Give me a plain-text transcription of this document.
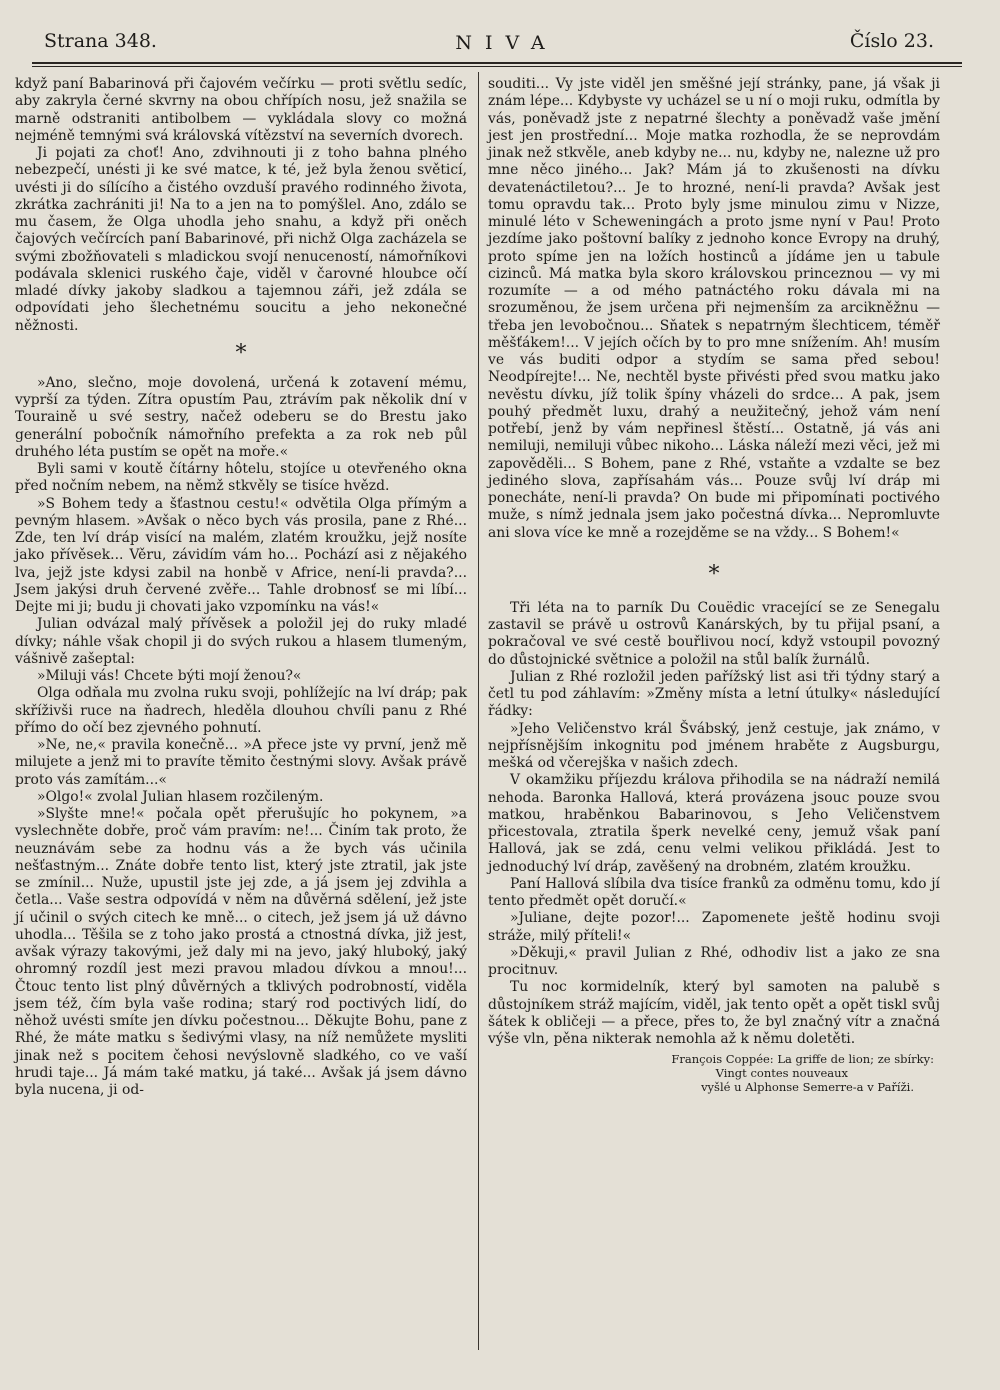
Strana 348.	NIVA	Číslo 23.

když paní Babarinová při čajovém večírku — proti světlu sedíc, aby zakryla černé skvrny na obou chřípích nosu, jež snažila se marně odstraniti antibolbem — vykládala slovy co možná nejméně temnými svá královská vítězství na severních dvorech.

Ji pojati za choť! Ano, zdvihnouti ji z toho bahna plného nebezpečí, unésti ji ke své matce, k té, jež byla ženou světicí, uvésti ji do sílícího a čistého ovzduší pravého rodinného života, zkrátka zachrániti ji! Na to a jen na to pomýšlel. Ano, zdálo se mu časem, že Olga uhodla jeho snahu, a když při oněch čajových večírcích paní Babarinové, při nichž Olga zacházela se svými zbožňovateli s mladickou svojí nenuceností, námořníkovi podávala sklenici ruského čaje, viděl v čarovné hloubce očí mladé dívky jakoby sladkou a tajemnou záři, jež zdála se odpovídati jeho šlechetnému soucitu a jeho nekonečné něžnosti.

*

»Ano, slečno, moje dovolená, určená k zotavení mému, vyprší za týden. Zítra opustím Pau, ztrávím pak několik dní v Touraině u své sestry, načež odeberu se do Brestu jako generální pobočník námořního prefekta a za rok neb půl druhého léta pustím se opět na moře.«

Byli sami v koutě čítárny hôtelu, stojíce u otevřeného okna před nočním nebem, na němž stkvěly se tisíce hvězd.

»S Bohem tedy a šťastnou cestu!« odvětila Olga přímým a pevným hlasem. »Avšak o něco bych vás prosila, pane z Rhé... Zde, ten lví dráp visící na malém, zlatém kroužku, jejž nosíte jako přívěsek... Věru, závidím vám ho... Pochází asi z nějakého lva, jejž jste kdysi zabil na honbě v Africe, není-li pravda?... Jsem jakýsi druh červené zvěře... Tahle drobnosť se mi líbí... Dejte mi ji; budu ji chovati jako vzpomínku na vás!«

Julian odvázal malý přívěsek a položil jej do ruky mladé dívky; náhle však chopil ji do svých rukou a hlasem tlumeným, vášnivě zašeptal:

»Miluji vás! Chcete býti mojí ženou?«

Olga odňala mu zvolna ruku svoji, pohlížejíc na lví dráp; pak skříživši ruce na ňadrech, hleděla dlouhou chvíli panu z Rhé přímo do očí bez zjevného pohnutí.

»Ne, ne,« pravila konečně... »A přece jste vy první, jenž mě milujete a jenž mi to pravíte těmito čestnými slovy. Avšak právě proto vás zamítám...«

»Olgo!« zvolal Julian hlasem rozčileným.

»Slyšte mne!« počala opět přerušujíc ho pokynem, »a vyslechněte dobře, proč vám pravím: ne!... Činím tak proto, že neuznávám sebe za hodnu vás a že bych vás učinila nešťastným... Znáte dobře tento list, který jste ztratil, jak jste se zmínil... Nuže, upustil jste jej zde, a já jsem jej zdvihla a četla... Vaše sestra odpovídá v něm na důvěrná sdělení, jež jste jí učinil o svých citech ke mně... o citech, jež jsem já už dávno uhodla... Těšila se z toho jako prostá a ctnostná dívka, již jest, avšak výrazy takovými, jež daly mi na jevo, jaký hluboký, jaký ohromný rozdíl jest mezi pravou mladou dívkou a mnou!... Čtouc tento list plný důvěrných a tklivých podrobností, viděla jsem též, čím byla vaše rodina; starý rod poctivých lidí, do něhož uvésti smíte jen dívku počestnou... Děkujte Bohu, pane z Rhé, že máte matku s šedivými vlasy, na níž nemůžete mysliti jinak než s pocitem čehosi nevýslovně sladkého, co ve vaší hrudi taje... Já mám také matku, já také... Avšak já jsem dávno byla nucena, ji od-

souditi... Vy jste viděl jen směšné její stránky, pane, já však ji znám lépe... Kdybyste vy ucházel se u ní o moji ruku, odmítla by vás, poněvadž jste z nepatrné šlechty a poněvadž vaše jmění jest jen prostřední... Moje matka rozhodla, že se neprovdám jinak než stkvěle, aneb kdyby ne... nu, kdyby ne, nalezne už pro mne něco jiného... Jak? Mám já to zkušenosti na dívku devatenáctiletou?... Je to hrozné, není-li pravda? Avšak jest tomu opravdu tak... Proto byly jsme minulou zimu v Nizze, minulé léto v Scheweningách a proto jsme nyní v Pau! Proto jezdíme jako poštovní balíky z jednoho konce Evropy na druhý, proto spíme jen na ložích hostinců a jídáme jen u tabule cizinců. Má matka byla skoro královskou princeznou — vy mi rozumíte — a od mého patnáctého roku dávala mi na srozuměnou, že jsem určena při nejmenším za arcikněžnu — třeba jen levobočnou... Sňatek s nepatrným šlechticem, téměř měšťákem!... V jejích očích by to pro mne snížením. Ah! musím ve vás buditi odpor a stydím se sama před sebou! Neodpírejte!... Ne, nechtěl byste přivésti před svou matku jako nevěstu dívku, jíž tolik špíny vházeli do srdce... A pak, jsem pouhý předmět luxu, drahý a neužitečný, jehož vám není potřebí, jenž by vám nepřinesl štěstí... Ostatně, já vás ani nemiluji, nemiluji vůbec nikoho... Láska náleží mezi věci, jež mi zapověděli... S Bohem, pane z Rhé, vstaňte a vzdalte se bez jediného slova, zapřísahám vás... Pouze svůj lví dráp mi ponecháte, není-li pravda? On bude mi připomínati poctivého muže, s nímž jednala jsem jako počestná dívka... Nepromluvte ani slova více ke mně a rozejděme se na vždy... S Bohem!«

*

Tři léta na to parník Du Couëdic vracející se ze Senegalu zastavil se právě u ostrovů Kanárských, by tu přijal psaní, a pokračoval ve své cestě bouřlivou nocí, když vstoupil povozný do důstojnické světnice a položil na stůl balík žurnálů.

Julian z Rhé rozložil jeden pařížský list asi tři týdny starý a četl tu pod záhlavím: »Změny místa a letní útulky« následující řádky:

»Jeho Veličenstvo král Švábský, jenž cestuje, jak známo, v nejpřísnějším inkognitu pod jménem hraběte z Augsburgu, mešká od včerejška v našich zdech.

V okamžiku příjezdu králova přihodila se na nádraží nemilá nehoda. Baronka Hallová, která provázena jsouc pouze svou matkou, hraběnkou Babarinovou, s Jeho Veličenstvem přicestovala, ztratila šperk nevelké ceny, jemuž však paní Hallová, jak se zdá, cenu velmi velikou přikládá. Jest to jednoduchý lví dráp, zavěšený na drobném, zlatém kroužku.

Paní Hallová slíbila dva tisíce franků za odměnu tomu, kdo jí tento předmět opět doručí.«

»Juliane, dejte pozor!... Zapomenete ještě hodinu svoji stráže, milý příteli!«

»Děkuji,« pravil Julian z Rhé, odhodiv list a jako ze sna procitnuv.

Tu noc kormidelník, který byl samoten na palubě s důstojníkem stráž majícím, viděl, jak tento opět a opět tiskl svůj šátek k obličeji — a přece, přes to, že byl značný vítr a značná výše vln, pěna nikterak nemohla až k němu doletěti.

François Coppée: La griffe de lion; ze sbírky:
Vingt contes nouveaux
vyšlé u Alphonse Semerre-a v Paříži.
